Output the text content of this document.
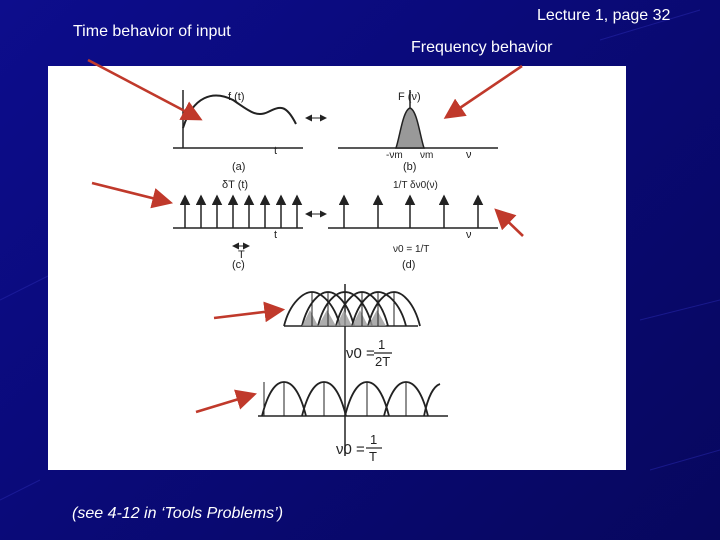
Lecture 1, page 32
Time behavior of input
Frequency behavior
f (t)
t
(a)
F (ν)
-νm νm	ν
(b)
δT (t)
t
T
(c)
1/T δν0(ν)
ν
ν0 = 1/T
(d)
ν0 =
1
2T
ν0 =
1
T
Sampling function in time
Sampling function in frequency
undersampled
Sufficiently sampled
(see 4-12 in ‘Tools Problems’)
